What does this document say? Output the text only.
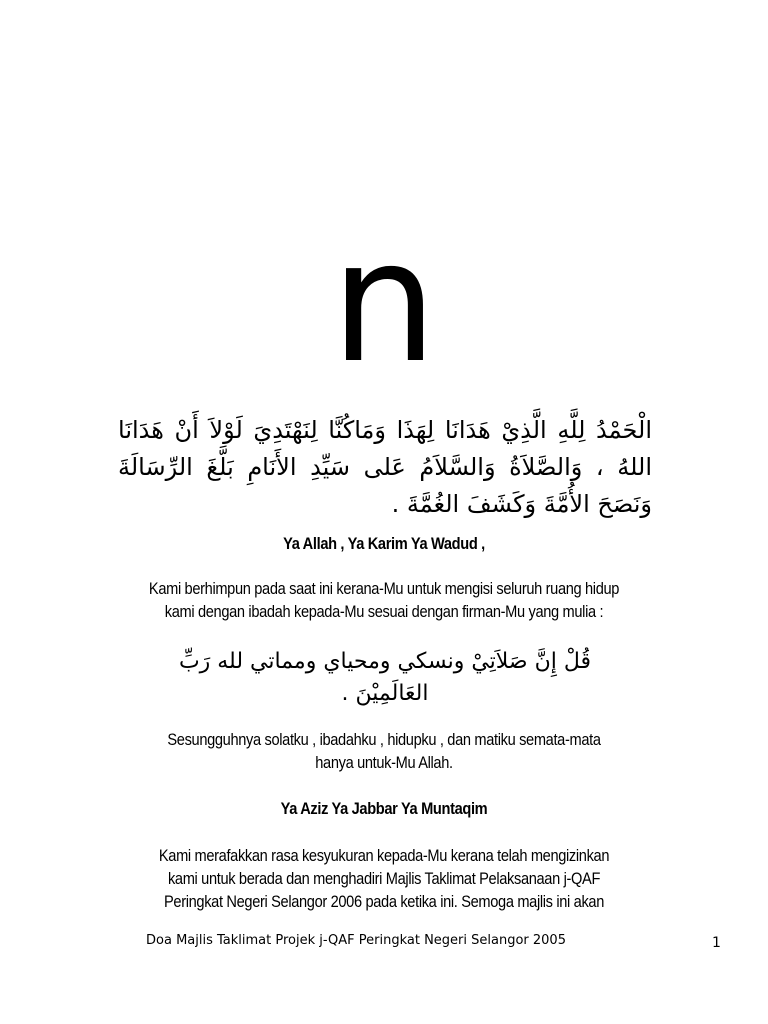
n
الْحَمْدُ لِلَّهِ الَّذِيْ هَدَانَا لِهَذَا وَمَاكُنَّا لِنَهْتَدِيَ لَوْلاَ أَنْ هَدَانَا اللهُ ، وَالصَّلاَةُ وَالسَّلاَمُ عَلى سَيِّدِ الأَنَامِ بَلَّغَ الرِّسَالَةَ وَنَصَحَ الأُمَّةَ وَكَشَفَ الغُمَّةَ .
Ya Allah , Ya Karim Ya Wadud ,
Kami berhimpun pada saat ini kerana-Mu untuk mengisi seluruh ruang hidup kami dengan ibadah kepada-Mu sesuai dengan firman-Mu yang mulia :
قُلْ إِنَّ صَلاَتِيْ ونسكي ومحياي ومماتي لله رَبِّ العَالَمِيْنَ .
Sesungguhnya solatku , ibadahku , hidupku , dan matiku semata-mata hanya untuk-Mu Allah.
Ya Aziz Ya Jabbar Ya Muntaqim
Kami merafakkan rasa kesyukuran kepada-Mu kerana telah mengizinkan kami untuk berada dan menghadiri Majlis Taklimat Pelaksanaan j-QAF Peringkat Negeri Selangor 2006 pada ketika ini. Semoga majlis ini akan
Doa Majlis Taklimat Projek j-QAF Peringkat Negeri Selangor 2005	1
